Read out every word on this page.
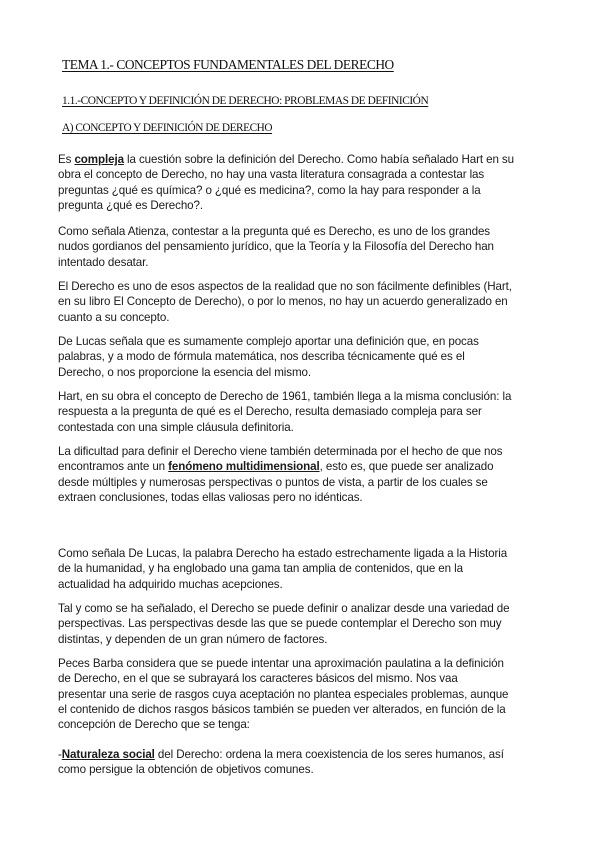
TEMA 1.- CONCEPTOS FUNDAMENTALES DEL DERECHO
1.1.-CONCEPTO Y DEFINICIÓN DE DERECHO: PROBLEMAS DE DEFINICIÓN
A) CONCEPTO Y DEFINICIÓN DE DERECHO
Es compleja la cuestión sobre la definición del Derecho. Como había señalado Hart en su
obra el concepto de Derecho, no hay una vasta literatura consagrada a contestar las
preguntas ¿qué es química? o ¿qué es medicina?, como la hay para responder a la
pregunta ¿qué es Derecho?.
Como señala Atienza, contestar a la pregunta qué es Derecho, es uno de los grandes
nudos gordianos del pensamiento jurídico, que la Teoría y la Filosofía del Derecho han
intentado desatar.
El Derecho es uno de esos aspectos de la realidad que no son fácilmente definibles (Hart,
en su libro El Concepto de Derecho), o por lo menos, no hay un acuerdo generalizado en
cuanto a su concepto.
De Lucas señala que es sumamente complejo aportar una definición que, en pocas
palabras, y a modo de fórmula matemática, nos describa técnicamente qué es el
Derecho, o nos proporcione la esencia del mismo.
Hart, en su obra el concepto de Derecho de 1961, también llega a la misma conclusión: la
respuesta a la pregunta de qué es el Derecho, resulta demasiado compleja para ser
contestada con una simple cláusula definitoria.
La dificultad para definir el Derecho viene también determinada por el hecho de que nos
encontramos ante un fenómeno multidimensional, esto es, que puede ser analizado
desde múltiples y numerosas perspectivas o puntos de vista, a partir de los cuales se
extraen conclusiones, todas ellas valiosas pero no idénticas.
Como señala De Lucas, la palabra Derecho ha estado estrechamente ligada a la Historia
de la humanidad, y ha englobado una gama tan amplia de contenidos, que en la
actualidad ha adquirido muchas acepciones.
Tal y como se ha señalado, el Derecho se puede definir o analizar desde una variedad de
perspectivas. Las perspectivas desde las que se puede contemplar el Derecho son muy
distintas, y dependen de un gran número de factores.
Peces Barba considera que se puede intentar una aproximación paulatina a la definición
de Derecho, en el que se subrayará los caracteres básicos del mismo. Nos vaa
presentar una serie de rasgos cuya aceptación no plantea especiales problemas, aunque
el contenido de dichos rasgos básicos también se pueden ver alterados, en función de la
concepción de Derecho que se tenga:
-Naturaleza social del Derecho: ordena la mera coexistencia de los seres humanos, así
como persigue la obtención de objetivos comunes.
